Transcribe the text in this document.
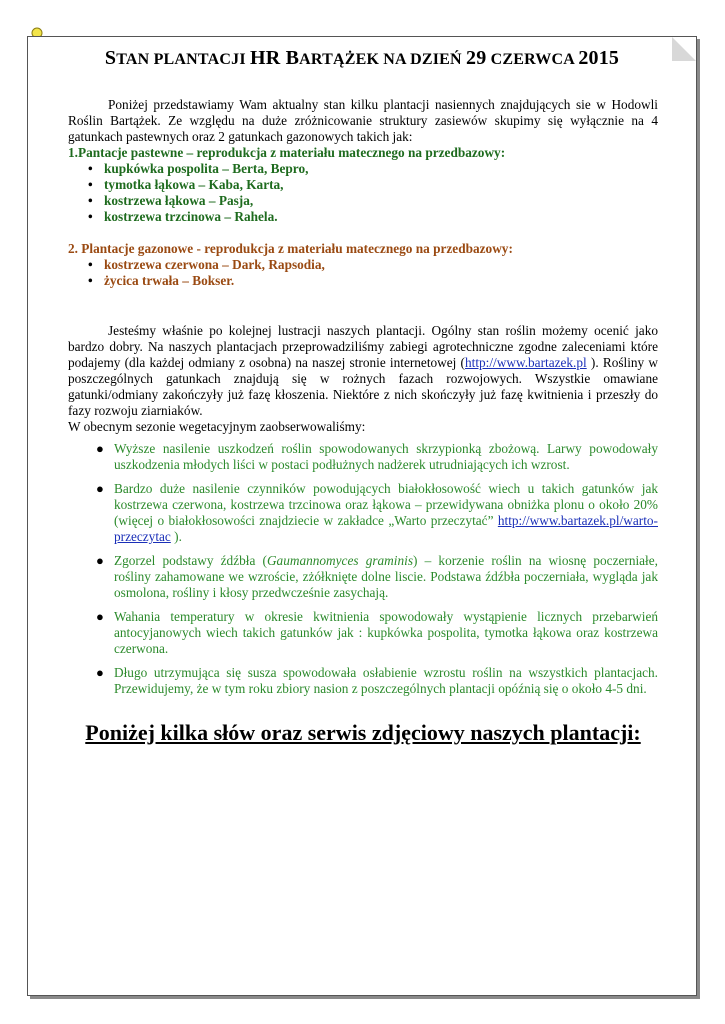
STAN PLANTACJI HR BARTĄŻEK NA DZIEŃ 29 CZERWCA 2015

Poniżej przedstawiamy Wam aktualny stan kilku plantacji nasiennych znajdujących sie w Hodowli Roślin Bartążek. Ze względu na duże zróżnicowanie struktury zasiewów skupimy się wyłącznie na 4 gatunkach pastewnych oraz 2 gatunkach gazonowych takich jak:

1.Pantacje pastewne – reprodukcja z materiału matecznego na przedbazowy:

• kupkówka pospolita – Berta, Bepro,
• tymotka łąkowa – Kaba, Karta,
• kostrzewa łąkowa – Pasja,
• kostrzewa trzcinowa – Rahela.

2. Plantacje gazonowe - reprodukcja z materiału matecznego na przedbazowy:

• kostrzewa czerwona – Dark, Rapsodia,
• życica trwała – Bokser.

Jesteśmy właśnie po kolejnej lustracji naszych plantacji. Ogólny stan roślin możemy ocenić jako bardzo dobry. Na naszych plantacjach przeprowadziliśmy zabiegi agrotechniczne zgodne zaleceniami które podajemy (dla każdej odmiany z osobna) na naszej stronie internetowej (http://www.bartazek.pl ). Rośliny w poszczególnych gatunkach znajdują się w rożnych fazach rozwojowych. Wszystkie omawiane gatunki/odmiany zakończyły już fazę kłoszenia. Niektóre z nich skończyły już fazę kwitnienia i przeszły do fazy rozwoju ziarniaków.

W obecnym sezonie wegetacyjnym zaobserwowaliśmy:

● Wyższe nasilenie uszkodzeń roślin spowodowanych skrzypionką zbożową. Larwy powodowały uszkodzenia młodych liści w postaci podłużnych nadżerek utrudniających ich wzrost.
● Bardzo duże nasilenie czynników powodujących białokłosowość wiech u takich gatunków jak kostrzewa czerwona, kostrzewa trzcinowa oraz łąkowa – przewidywana obniżka plonu o około 20% (więcej o białokłosowości znajdziecie w zakładce „Warto przeczytać” http://www.bartazek.pl/warto-przeczytac ).
● Zgorzel podstawy źdźbła (Gaumannomyces graminis) – korzenie roślin na wiosnę poczerniałe, rośliny zahamowane we wzroście, zżółknięte dolne liscie. Podstawa źdźbła poczerniała, wygląda jak osmolona, rośliny i kłosy przedwcześnie zasychają.
● Wahania temperatury w okresie kwitnienia spowodowały wystąpienie licznych przebarwień antocyjanowych wiech takich gatunków jak : kupkówka pospolita, tymotka łąkowa oraz kostrzewa czerwona.
● Długo utrzymująca się susza spowodowała osłabienie wzrostu roślin na wszystkich plantacjach. Przewidujemy, że w tym roku zbiory nasion z poszczególnych plantacji opóźnią się o około 4-5 dni.
Poniżej kilka słów oraz serwis zdjęciowy naszych plantacji:
